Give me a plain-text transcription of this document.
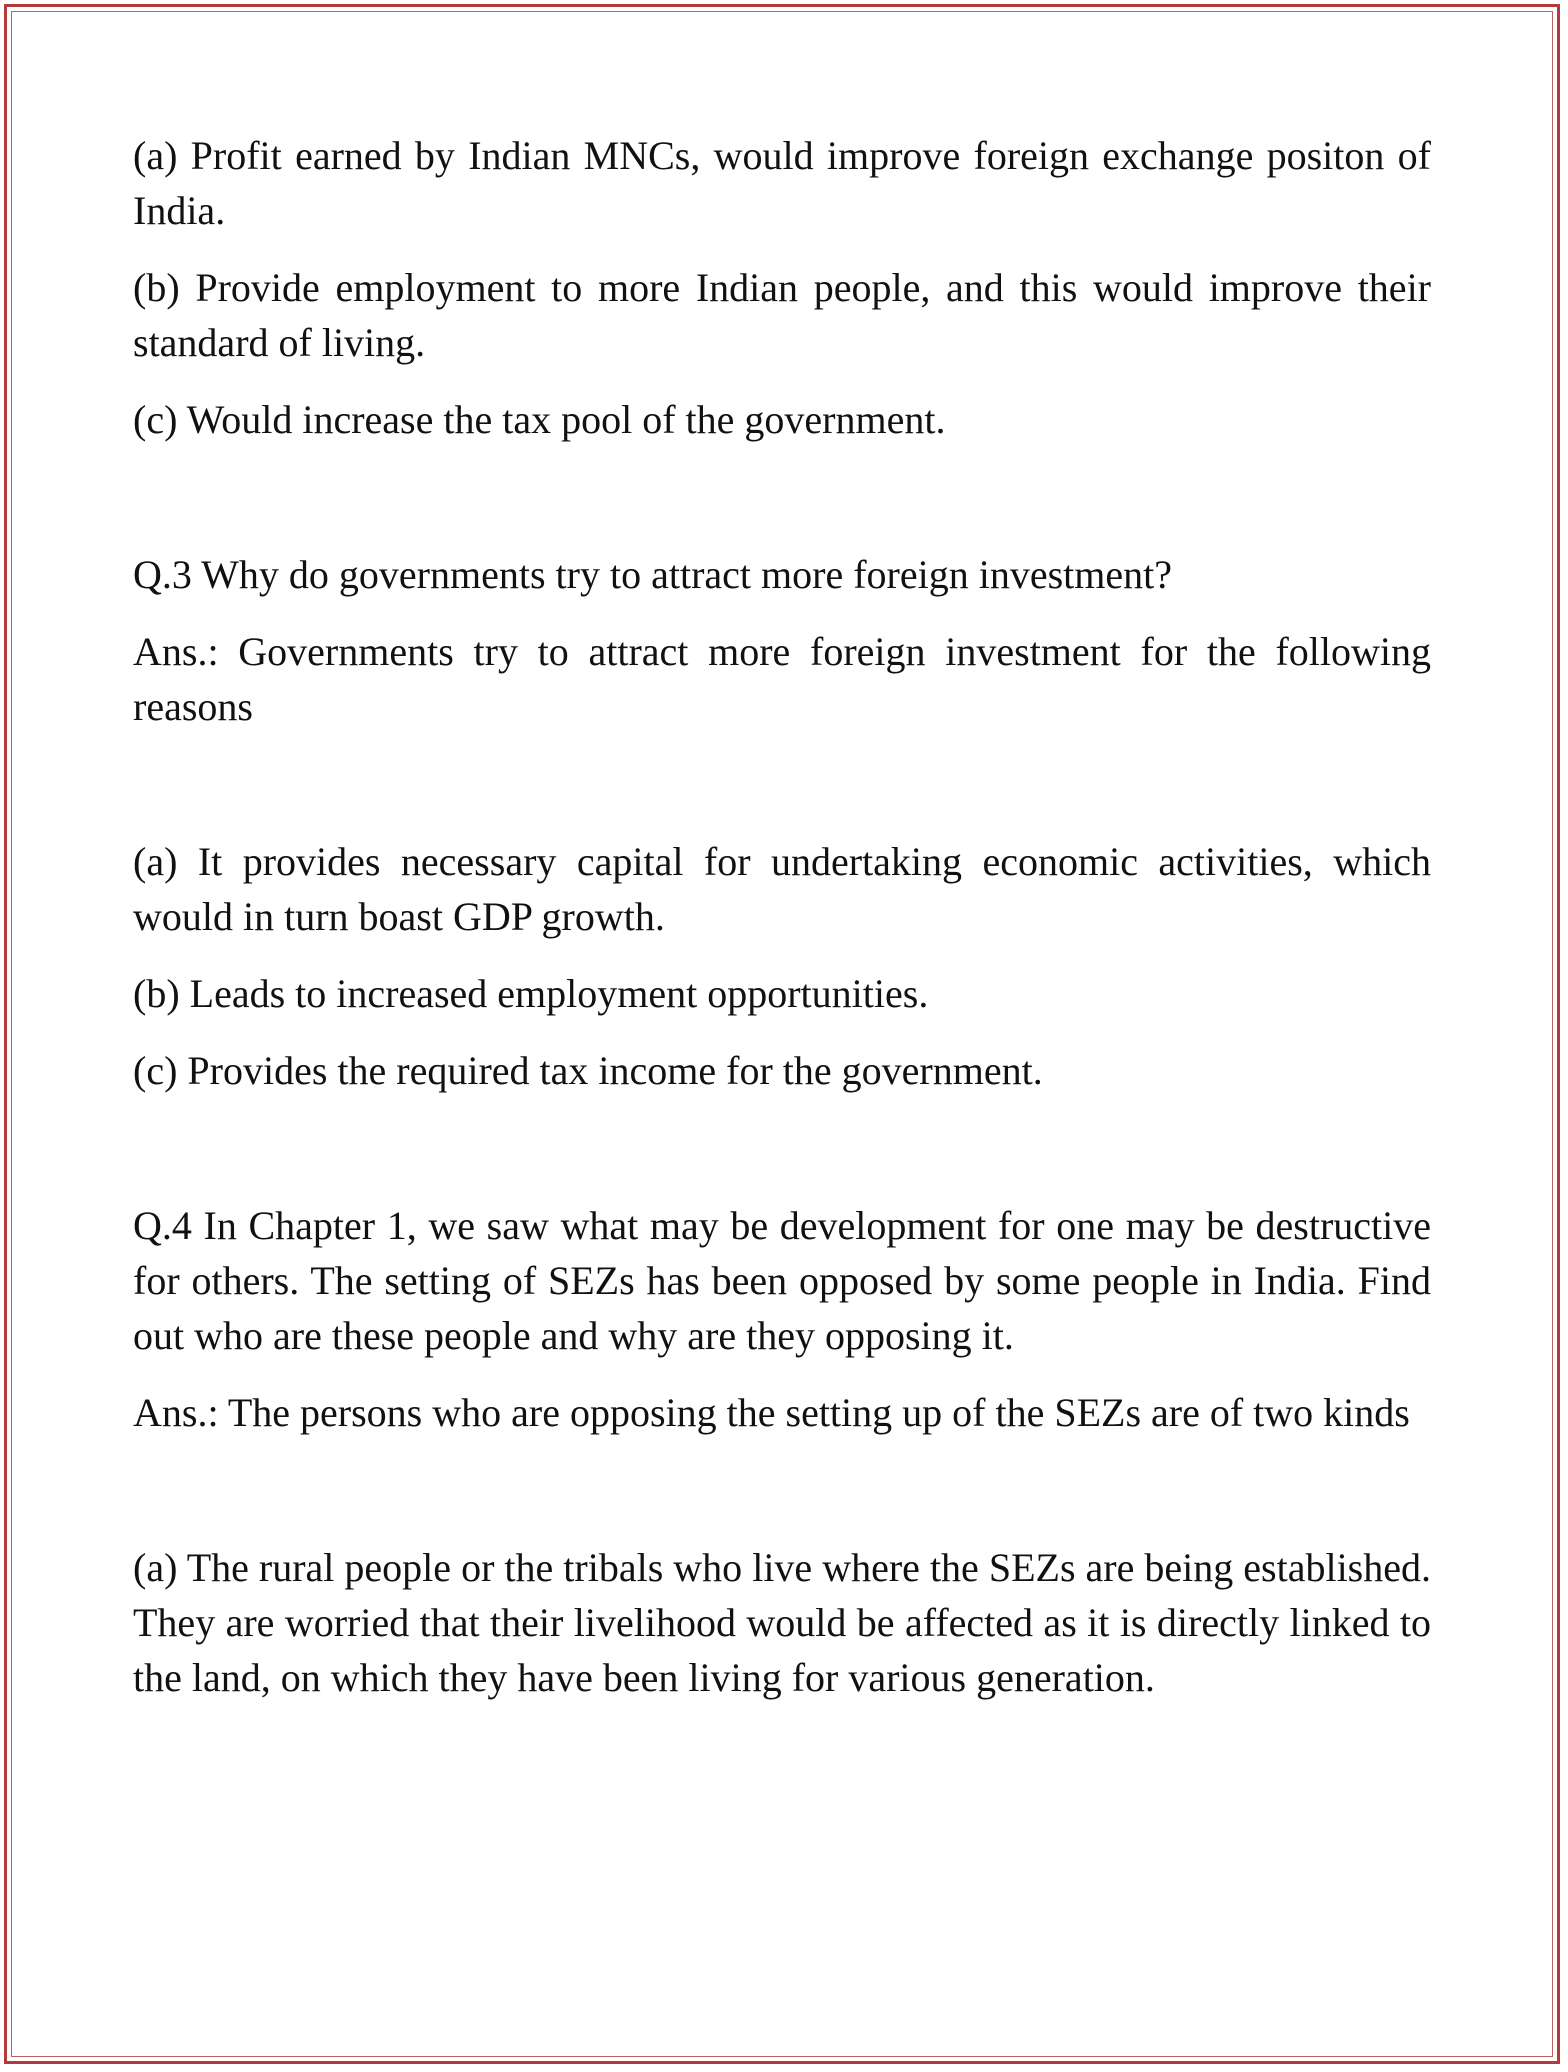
(a) Profit earned by Indian MNCs, would improve foreign exchange positon of India.

(b) Provide employment to more Indian people, and this would improve their standard of living.

(c) Would increase the tax pool of the government.

Q.3 Why do governments try to attract more foreign investment?

Ans.: Governments try to attract more foreign investment for the following reasons

(a) It provides necessary capital for undertaking economic activities, which would in turn boast GDP growth.

(b) Leads to increased employment opportunities.

(c) Provides the required tax income for the government.

Q.4 In Chapter 1, we saw what may be development for one may be destructive for others. The setting of SEZs has been opposed by some people in India. Find out who are these people and why are they opposing it.

Ans.: The persons who are opposing the setting up of the SEZs are of two kinds

(a) The rural people or the tribals who live where the SEZs are being established. They are worried that their livelihood would be affected as it is directly linked to the land, on which they have been living for various generation.
